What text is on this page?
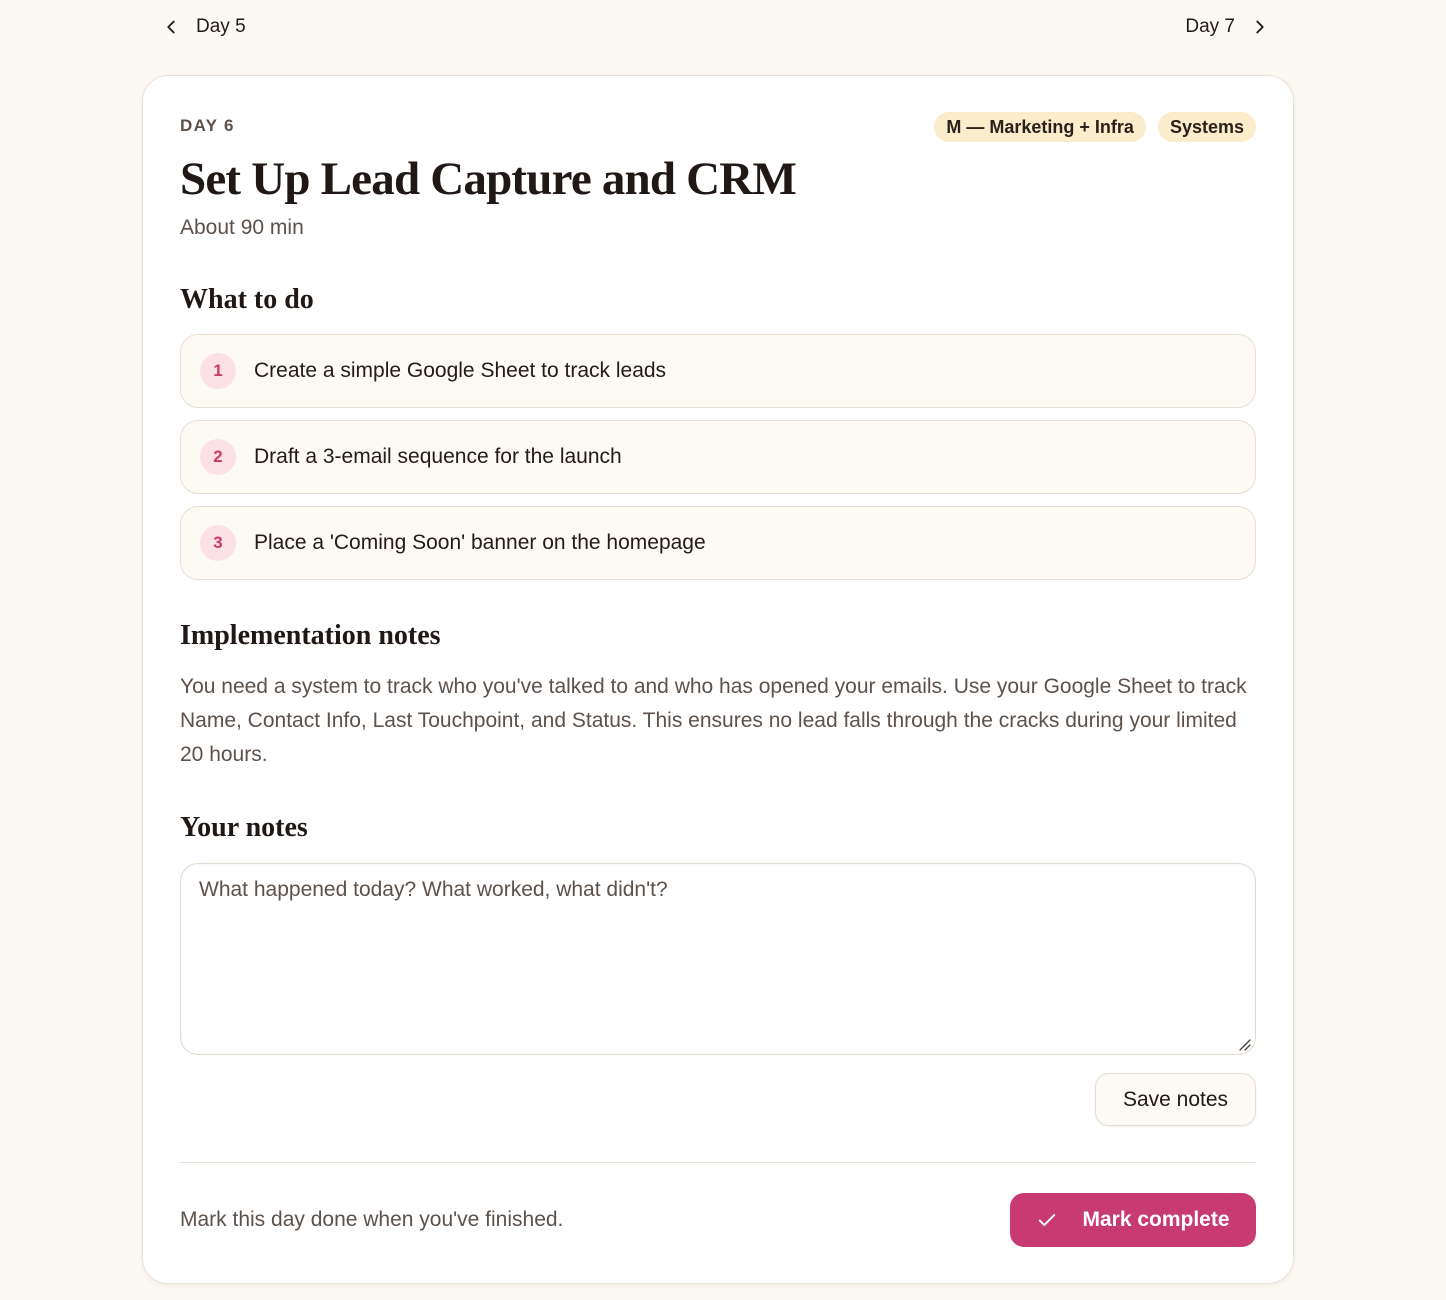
Day 5	Day 7
DAY 6	M — Marketing + Infra	Systems
Set Up Lead Capture and CRM
About 90 min
What to do
1	Create a simple Google Sheet to track leads
2	Draft a 3-email sequence for the launch
3	Place a 'Coming Soon' banner on the homepage
Implementation notes

You need a system to track who you've talked to and who has opened your emails. Use your Google Sheet to track Name, Contact Info, Last Touchpoint, and Status. This ensures no lead falls through the cracks during your limited 20 hours.

Your notes
What happened today? What worked, what didn't?
Save notes
Mark this day done when you've finished.	Mark complete
